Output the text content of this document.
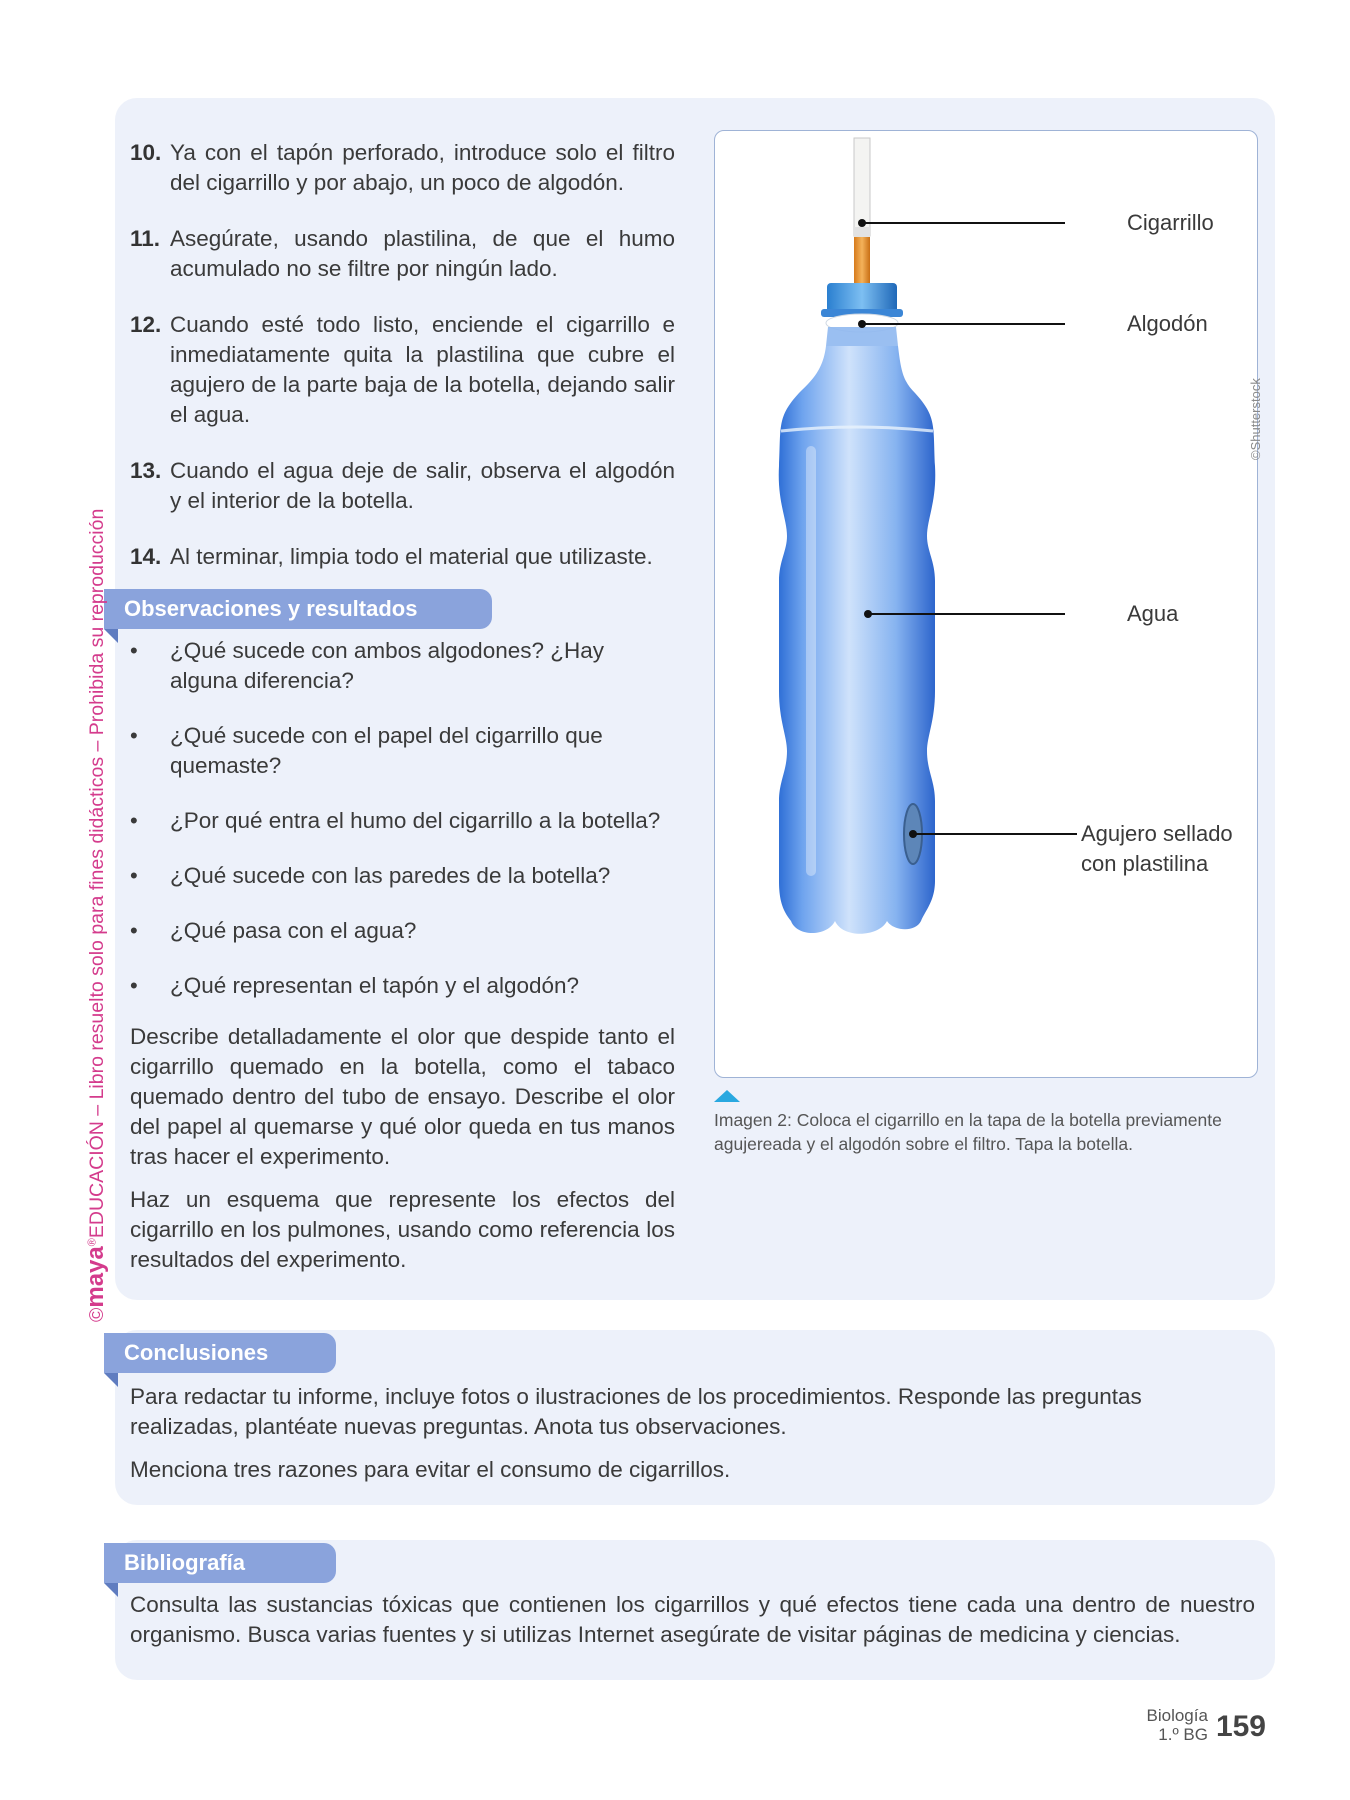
10. Ya con el tapón perforado, introduce solo el filtro del cigarrillo y por abajo, un poco de algodón.
11. Asegúrate, usando plastilina, de que el humo acumulado no se filtre por ningún lado.
12. Cuando esté todo listo, enciende el cigarrillo e inmediatamente quita la plastilina que cubre el agujero de la parte baja de la botella, dejando salir el agua.
13. Cuando el agua deje de salir, observa el algodón y el interior de la botella.
14. Al terminar, limpia todo el material que utilizaste.
Observaciones y resultados
• ¿Qué sucede con ambos algodones? ¿Hay alguna diferencia?
• ¿Qué sucede con el papel del cigarrillo que quemaste?
• ¿Por qué entra el humo del cigarrillo a la botella?
• ¿Qué sucede con las paredes de la botella?
• ¿Qué pasa con el agua?
• ¿Qué representan el tapón y el algodón?

Describe detalladamente el olor que despide tanto el cigarrillo quemado en la botella, como el tabaco quemado dentro del tubo de ensayo. Describe el olor del papel al quemarse y qué olor queda en tus manos tras hacer el experimento.

Haz un esquema que represente los efectos del cigarrillo en los pulmones, usando como referencia los resultados del experimento.

Cigarrillo
Algodón
Agua
Agujero sellado
con plastilina
©Shutterstock
Imagen 2: Coloca el cigarrillo en la tapa de la botella previamente agujereada y el algodón sobre el filtro. Tapa la botella.
Conclusiones

Para redactar tu informe, incluye fotos o ilustraciones de los procedimientos. Responde las preguntas realizadas, plantéate nuevas preguntas. Anota tus observaciones.

Menciona tres razones para evitar el consumo de cigarrillos.

Bibliografía

Consulta las sustancias tóxicas que contienen los cigarrillos y qué efectos tiene cada una dentro de nuestro organismo. Busca varias fuentes y si utilizas Internet asegúrate de visitar páginas de medicina y ciencias.

©maya®EDUCACIÓN – Libro resuelto solo para fines didácticos – Prohibida su reproducción
Biología
1.º BG 159
